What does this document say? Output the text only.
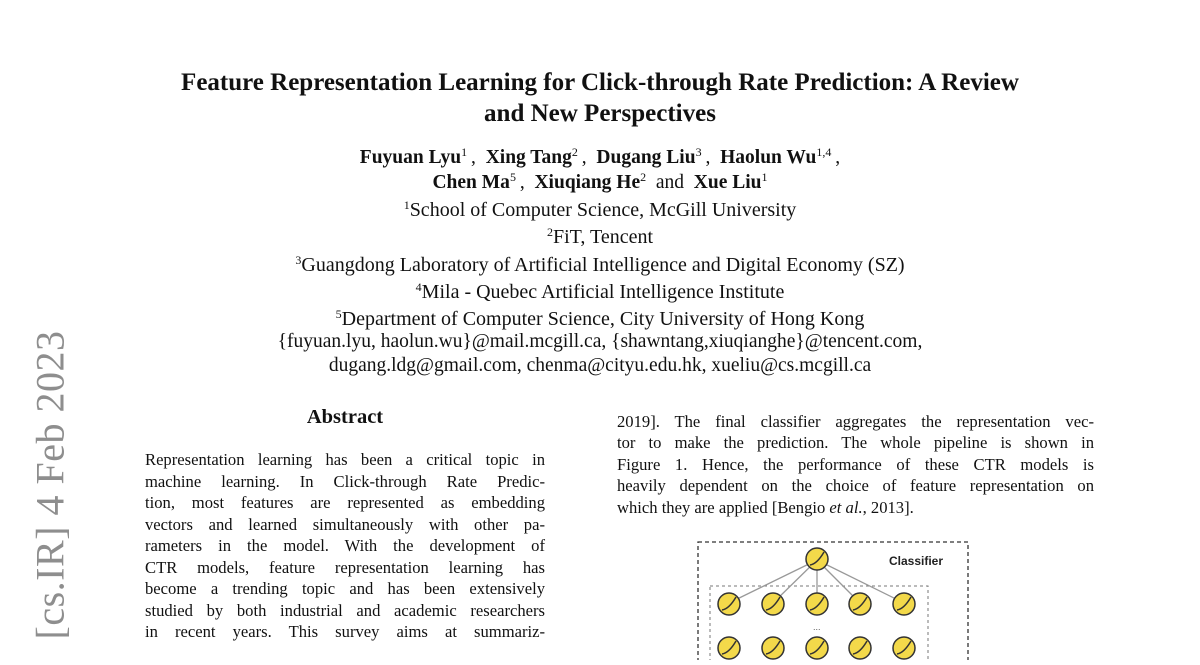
[cs.IR] 4 Feb 2023
Feature Representation Learning for Click-through Rate Prediction: A Review
and New Perspectives
Fuyuan Lyu$^1$ ,  Xing Tang$^2$ ,  Dugang Liu$^3$ ,  Haolun Wu$^{1,4}$ ,
Chen Ma$^5$ ,  Xiuqiang He$^2$ and Xue Liu$^1$
$^1$School of Computer Science, McGill University
$^2$FiT, Tencent
$^3$Guangdong Laboratory of Artificial Intelligence and Digital Economy (SZ)
$^4$Mila - Quebec Artificial Intelligence Institute
$^5$Department of Computer Science, City University of Hong Kong
{fuyuan.lyu, haolun.wu}@mail.mcgill.ca, {shawntang,xiuqianghe}@tencent.com,
dugang.ldg@gmail.com, chenma@cityu.edu.hk, xueliu@cs.mcgill.ca
Abstract
Representation learning has been a critical topic in
machine learning. In Click-through Rate Predic-
tion, most features are represented as embedding
vectors and learned simultaneously with other pa-
rameters in the model. With the development of
CTR models, feature representation learning has
become a trending topic and has been extensively
studied by both industrial and academic researchers
in recent years. This survey aims at summariz-
2019]. The final classifier aggregates the representation vec-
tor to make the prediction. The whole pipeline is shown in
Figure 1. Hence, the performance of these CTR models is
heavily dependent on the choice of feature representation on
which they are applied [Bengio et al., 2013].
Classifier
...
